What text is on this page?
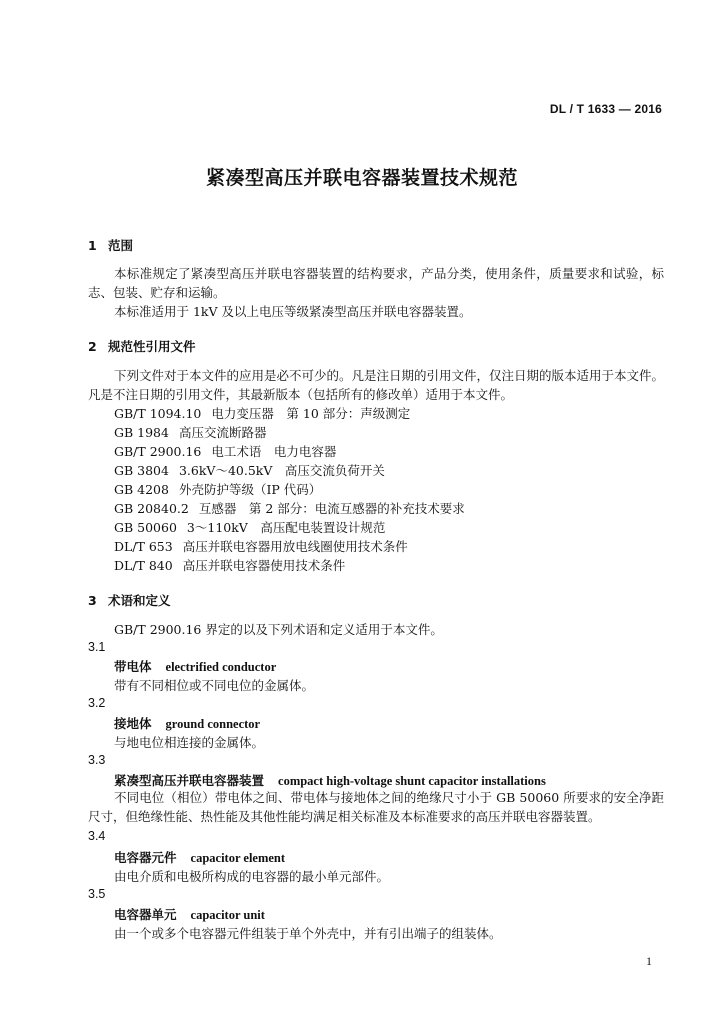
DL / T 1633 — 2016
紧凑型高压并联电容器装置技术规范
1 范围
本标准规定了紧凑型高压并联电容器装置的结构要求，产品分类，使用条件，质量要求和试验，标志、包装、贮存和运输。
本标准适用于 1kV 及以上电压等级紧凑型高压并联电容器装置。
2 规范性引用文件
下列文件对于本文件的应用是必不可少的。凡是注日期的引用文件，仅注日期的版本适用于本文件。凡是不注日期的引用文件，其最新版本（包括所有的修改单）适用于本文件。
GB/T 1094.10 电力变压器　第 10 部分：声级测定
GB 1984 高压交流断路器
GB/T 2900.16 电工术语　电力电容器
GB 3804 3.6kV～40.5kV　高压交流负荷开关
GB 4208 外壳防护等级（IP 代码）
GB 20840.2 互感器　第 2 部分：电流互感器的补充技术要求
GB 50060 3～110kV　高压配电装置设计规范
DL/T 653 高压并联电容器用放电线圈使用技术条件
DL/T 840 高压并联电容器使用技术条件
3 术语和定义
GB/T 2900.16 界定的以及下列术语和定义适用于本文件。
3.1
带电体 electrified conductor
带有不同相位或不同电位的金属体。
3.2
接地体 ground connector
与地电位相连接的金属体。
3.3
紧凑型高压并联电容器装置 compact high-voltage shunt capacitor installations
不同电位（相位）带电体之间、带电体与接地体之间的绝缘尺寸小于 GB 50060 所要求的安全净距尺寸，但绝缘性能、热性能及其他性能均满足相关标准及本标准要求的高压并联电容器装置。
3.4
电容器元件 capacitor element
由电介质和电极所构成的电容器的最小单元部件。
3.5
电容器单元 capacitor unit
由一个或多个电容器元件组装于单个外壳中，并有引出端子的组装体。
1
